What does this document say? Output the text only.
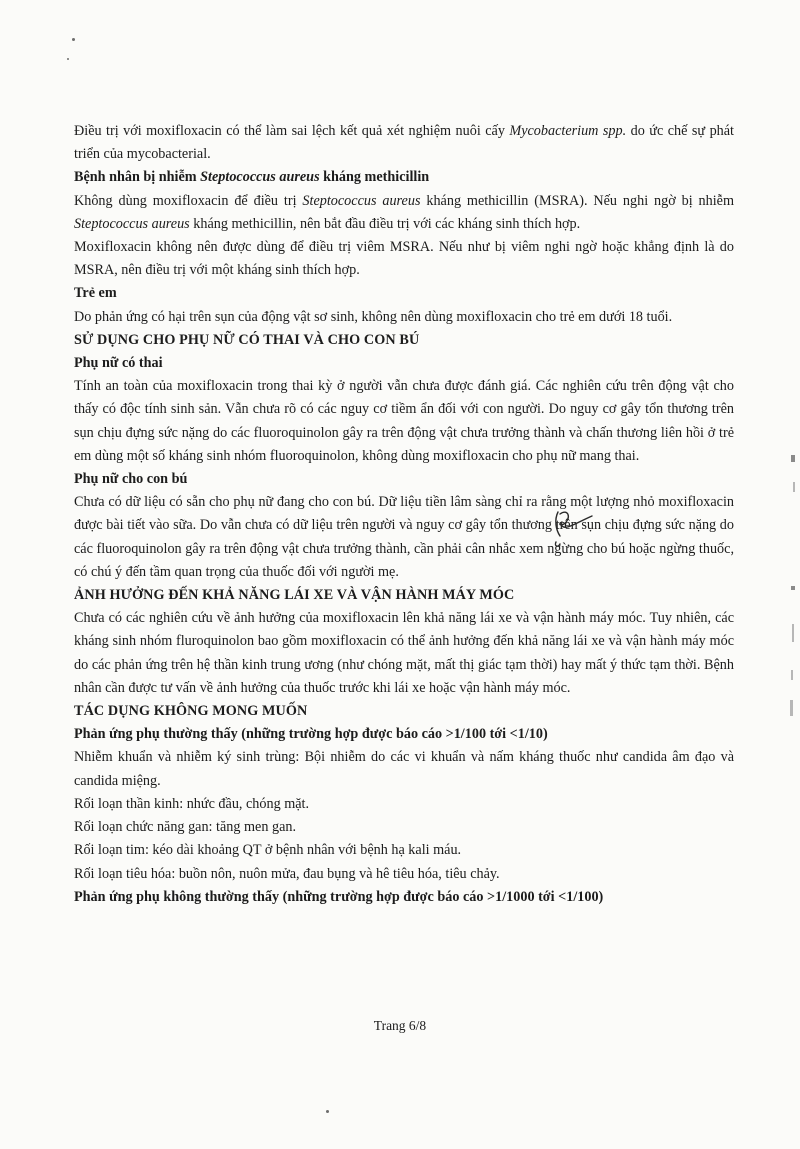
Điều trị với moxifloxacin có thể làm sai lệch kết quả xét nghiệm nuôi cấy Mycobacterium spp. do ức chế sự phát triển của mycobacterial.

Bệnh nhân bị nhiễm Steptococcus aureus kháng methicillin

Không dùng moxifloxacin để điều trị Steptococcus aureus kháng methicillin (MSRA). Nếu nghi ngờ bị nhiễm Steptococcus aureus kháng methicillin, nên bắt đầu điều trị với các kháng sinh thích hợp.

Moxifloxacin không nên được dùng để điều trị viêm MSRA. Nếu như bị viêm nghi ngờ hoặc khẳng định là do MSRA, nên điều trị với một kháng sinh thích hợp.

Trẻ em

Do phản ứng có hại trên sụn của động vật sơ sinh, không nên dùng moxifloxacin cho trẻ em dưới 18 tuổi.

SỬ DỤNG CHO PHỤ NỮ CÓ THAI VÀ CHO CON BÚ

Phụ nữ có thai

Tính an toàn của moxifloxacin trong thai kỳ ở người vẫn chưa được đánh giá. Các nghiên cứu trên động vật cho thấy có độc tính sinh sản. Vẫn chưa rõ có các nguy cơ tiềm ẩn đối với con người. Do nguy cơ gây tổn thương trên sụn chịu đựng sức nặng do các fluoroquinolon gây ra trên động vật chưa trưởng thành và chấn thương liên hồi ở trẻ em dùng một số kháng sinh nhóm fluoroquinolon, không dùng moxifloxacin cho phụ nữ mang thai.

Phụ nữ cho con bú

Chưa có dữ liệu có sẵn cho phụ nữ đang cho con bú. Dữ liệu tiền lâm sàng chỉ ra rằng một lượng nhỏ moxifloxacin được bài tiết vào sữa. Do vẫn chưa có dữ liệu trên người và nguy cơ gây tổn thương trên sụn chịu đựng sức nặng do các fluoroquinolon gây ra trên động vật chưa trưởng thành, cần phải cân nhắc xem ngừng cho bú hoặc ngừng thuốc, có chú ý đến tầm quan trọng của thuốc đối với người mẹ.

ẢNH HƯỞNG ĐẾN KHẢ NĂNG LÁI XE VÀ VẬN HÀNH MÁY MÓC

Chưa có các nghiên cứu về ảnh hưởng của moxifloxacin lên khả năng lái xe và vận hành máy móc. Tuy nhiên, các kháng sinh nhóm fluroquinolon bao gồm moxifloxacin có thể ảnh hưởng đến khả năng lái xe và vận hành máy móc do các phản ứng trên hệ thần kinh trung ương (như chóng mặt, mất thị giác tạm thời) hay mất ý thức tạm thời. Bệnh nhân cần được tư vấn về ảnh hưởng của thuốc trước khi lái xe hoặc vận hành máy móc.

TÁC DỤNG KHÔNG MONG MUỐN

Phản ứng phụ thường thấy (những trường hợp được báo cáo >1/100 tới <1/10)

Nhiễm khuẩn và nhiễm ký sinh trùng: Bội nhiễm do các vi khuẩn và nấm kháng thuốc như candida âm đạo và candida miệng.

Rối loạn thần kinh: nhức đầu, chóng mặt.

Rối loạn chức năng gan: tăng men gan.

Rối loạn tim: kéo dài khoảng QT ở bệnh nhân với bệnh hạ kali máu.

Rối loạn tiêu hóa: buồn nôn, nuôn mửa, đau bụng và hê tiêu hóa, tiêu chảy.

Phản ứng phụ không thường thấy (những trường hợp được báo cáo >1/1000 tới <1/100)

Trang 6/8
